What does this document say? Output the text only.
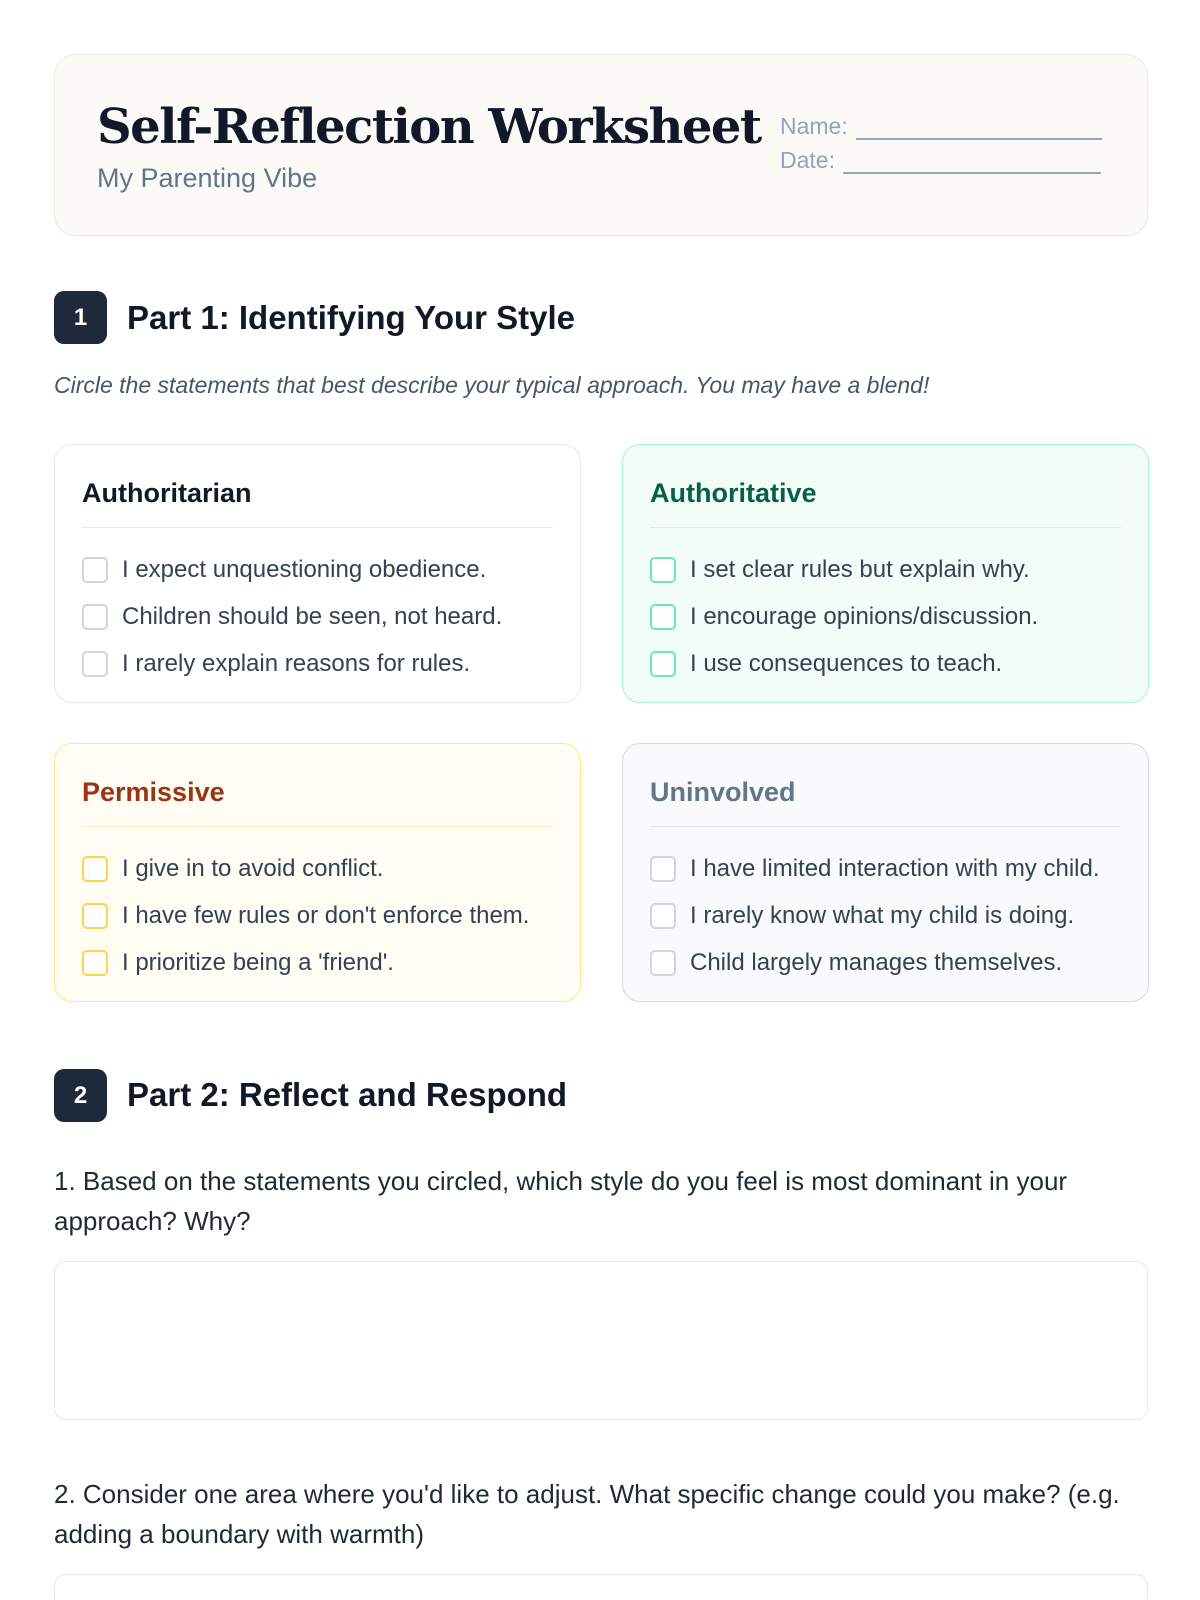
Self-Reflection Worksheet
My Parenting Vibe
Name:
Date:
1	Part 1: Identifying Your Style
Circle the statements that best describe your typical approach. You may have a blend!
Authoritarian
I expect unquestioning obedience.
Children should be seen, not heard.
I rarely explain reasons for rules.
Authoritative
I set clear rules but explain why.
I encourage opinions/discussion.
I use consequences to teach.
Permissive
I give in to avoid conflict.
I have few rules or don't enforce them.
I prioritize being a 'friend'.
Uninvolved
I have limited interaction with my child.
I rarely know what my child is doing.
Child largely manages themselves.
2	Part 2: Reflect and Respond
1. Based on the statements you circled, which style do you feel is most dominant in your approach? Why?
2. Consider one area where you'd like to adjust. What specific change could you make? (e.g. adding a boundary with warmth)
